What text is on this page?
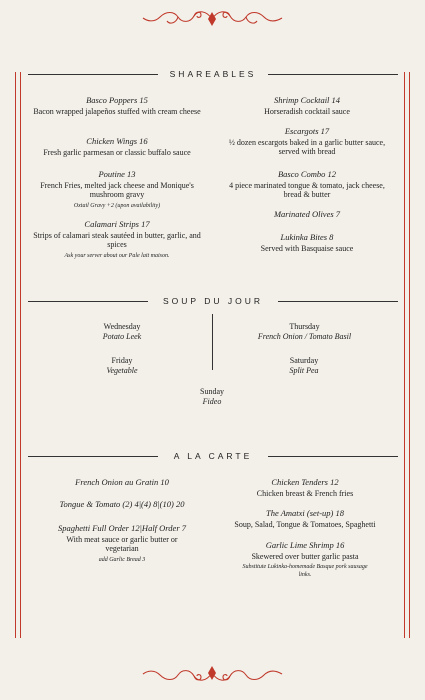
SHAREABLES
Basco Poppers 15
Bacon wrapped jalapeños stuffed with cream cheese
Chicken Wings 16
Fresh garlic parmesan or classic buffalo sauce
Poutine 13
French Fries, melted jack cheese and Monique's mushroom gravy
Oxtail Gravy +2 (upon availability)
Calamari Strips 17
Strips of calamari steak sautéed in butter, garlic, and spices
Ask your server about our Pale lait maison.
Shrimp Cocktail 14
Horseradish cocktail sauce
Escargots 17
½ dozen escargots baked in a garlic butter sauce, served with bread
Basco Combo 12
4 piece marinated tongue & tomato, jack cheese, bread & butter
Marinated Olives 7
Lukinka Bites 8
Served with Basquaise sauce
SOUP DU JOUR
Wednesday
Potato Leek
Thursday
French Onion / Tomato Basil
Friday
Vegetable
Saturday
Split Pea
Sunday
Fideo
A LA CARTE
French Onion au Gratin 10
Tongue & Tomato (2) 4|(4) 8|(10) 20
Spaghetti Full Order 12|Half Order 7
With meat sauce or garlic butter or vegetarian
add Garlic Bread 3
Chicken Tenders 12
Chicken breast & French fries
The Amatxi (set-up) 18
Soup, Salad, Tongue & Tomatoes, Spaghetti
Garlic Lime Shrimp 16
Skewered over butter garlic pasta
Substitute Lukinka-homemade Basque pork sausage links.
